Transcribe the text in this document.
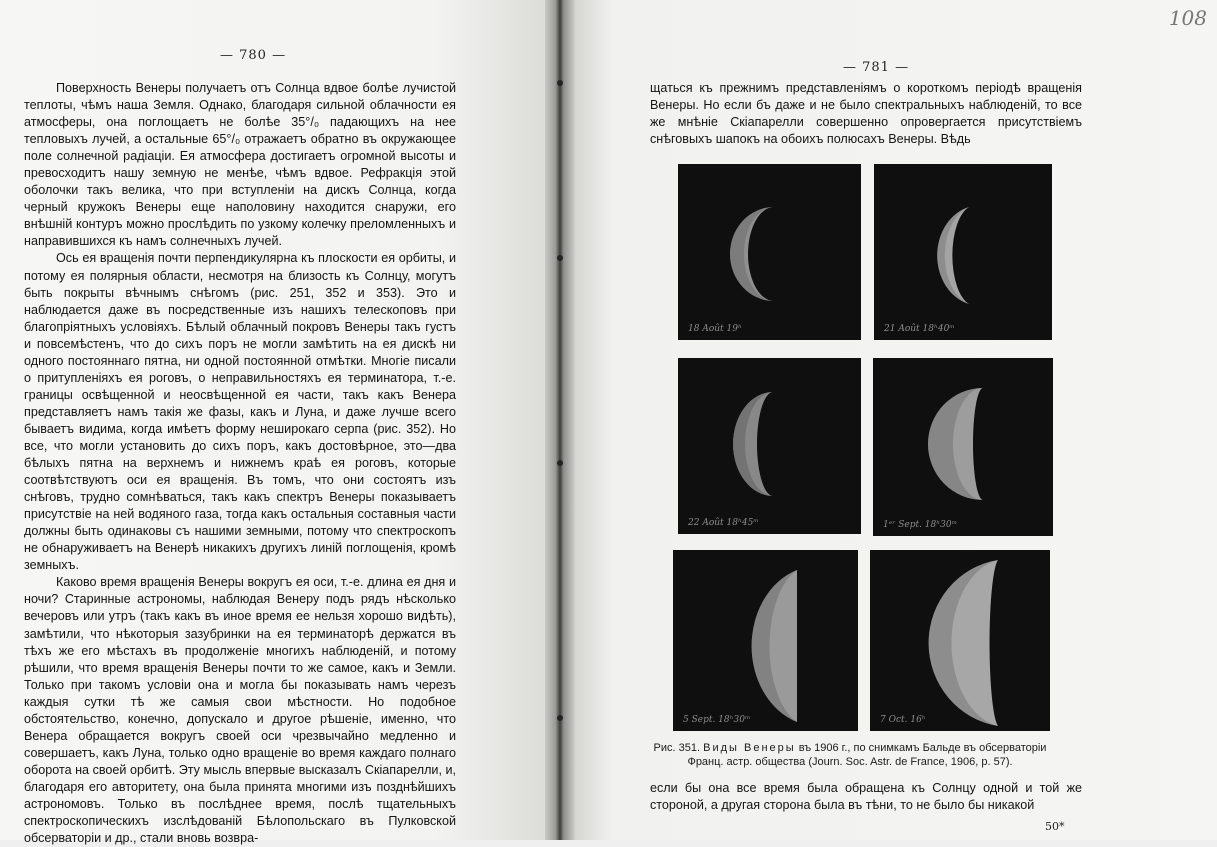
— 780 —

Поверхность Венеры получаетъ отъ Солнца вдвое болѣе лучистой теплоты, чѣмъ наша Земля. Однако, благодаря сильной облачности ея атмосферы, она поглощаетъ не болѣе 35°/₀ падающихъ на нее тепловыхъ лучей, а остальные 65°/₀ отражаетъ обратно въ окружающее поле солнечной радiацiи. Ея атмосфера достигаетъ огромной высоты и превосходитъ нашу земную не менѣе, чѣмъ вдвое. Рефракцiя этой оболочки такъ велика, что при вступленiи на дискъ Солнца, когда черный кружокъ Венеры еще наполовину находится снаружи, его внѣшнiй контуръ можно прослѣдить по узкому колечку преломленныхъ и направившихся къ намъ солнечныхъ лучей.

Ось ея вращенiя почти перпендикулярна къ плоскости ея орбиты, и потому ея полярныя области, несмотря на близость къ Солнцу, могутъ быть покрыты вѣчнымъ снѣгомъ (рис. 251, 352 и 353). Это и наблюдается даже въ посредственные изъ нашихъ телескоповъ при благопрiятныхъ условiяхъ. Бѣлый облачный покровъ Венеры такъ густъ и повсемѣстенъ, что до сихъ поръ не могли замѣтить на ея дискѣ ни одного постояннаго пятна, ни одной постоянной отмѣтки. Многiе писали о притупленiяхъ ея роговъ, о неправильностяхъ ея терминатора, т.-е. границы освѣщенной и неосвѣщенной ея части, такъ какъ Венера представляетъ намъ такiя же фазы, какъ и Луна, и даже лучше всего бываетъ видима, когда имѣетъ форму неширокаго серпа (рис. 352). Но все, что могли установить до сихъ поръ, какъ достовѣрное, это—два бѣлыхъ пятна на верхнемъ и нижнемъ краѣ ея роговъ, которые соотвѣтствуютъ оси ея вращенiя. Въ томъ, что они состоятъ изъ снѣговъ, трудно сомнѣваться, такъ какъ спектръ Венеры показываетъ присутствiе на ней водяного газа, тогда какъ остальныя составныя части должны быть одинаковы съ нашими земными, потому что спектроскопъ не обнаруживаетъ на Венерѣ никакихъ другихъ линiй поглощенiя, кромѣ земныхъ.

Каково время вращенiя Венеры вокругъ ея оси, т.-е. длина ея дня и ночи? Старинные астрономы, наблюдая Венеру подъ рядъ нѣсколько вечеровъ или утръ (такъ какъ въ иное время ее нельзя хорошо видѣть), замѣтили, что нѣкоторыя зазубринки на ея терминаторѣ держатся въ тѣхъ же его мѣстахъ въ продолженiе многихъ наблюденiй, и потому рѣшили, что время вращенiя Венеры почти то же самое, какъ и Земли. Только при такомъ условiи она и могла бы показывать намъ черезъ каждыя сутки тѣ же самыя свои мѣстности. Но подобное обстоятельство, конечно, допускало и другое рѣшенiе, именно, что Венера обращается вокругъ своей оси чрезвычайно медленно и совершаетъ, какъ Луна, только одно вращенiе во время каждаго полнаго оборота на своей орбитѣ. Эту мысль впервые высказалъ Скiапарелли, и, благодаря его авторитету, она была принята многими изъ позднѣйшихъ астрономовъ. Только въ послѣднее время, послѣ тщательныхъ спектроскопическихъ изслѣдованiй Бѣлопольскаго въ Пулковской обсерваторiи и др., стали вновь возвра-

108
— 781 —

щаться къ прежнимъ представленiямъ о короткомъ перiодѣ вращенiя Венеры. Но если бъ даже и не было спектральныхъ наблюденiй, то все же мнѣнiе Скiапарелли совершенно опровергается присутствiемъ снѣговыхъ шапокъ на обоихъ полюсахъ Венеры. Вѣдь

18 Août 19ʰ	21 Août 18ʰ40ᵐ
22 Août 18ʰ45ᵐ	1ᵉʳ Sept. 18ʰ30ᵐ
5 Sept. 18ʰ30ᵐ	7 Oct. 16ʰ
Рис. 351. Виды Венеры въ 1906 г., по снимкамъ Бальде въ обсерваторiи Франц. астр. общества (Journ. Soc. Astr. de France, 1906, p. 57).

если бы она все время была обращена къ Солнцу одной и той же стороной, а другая сторона была въ тѣни, то не было бы никакой

50*
